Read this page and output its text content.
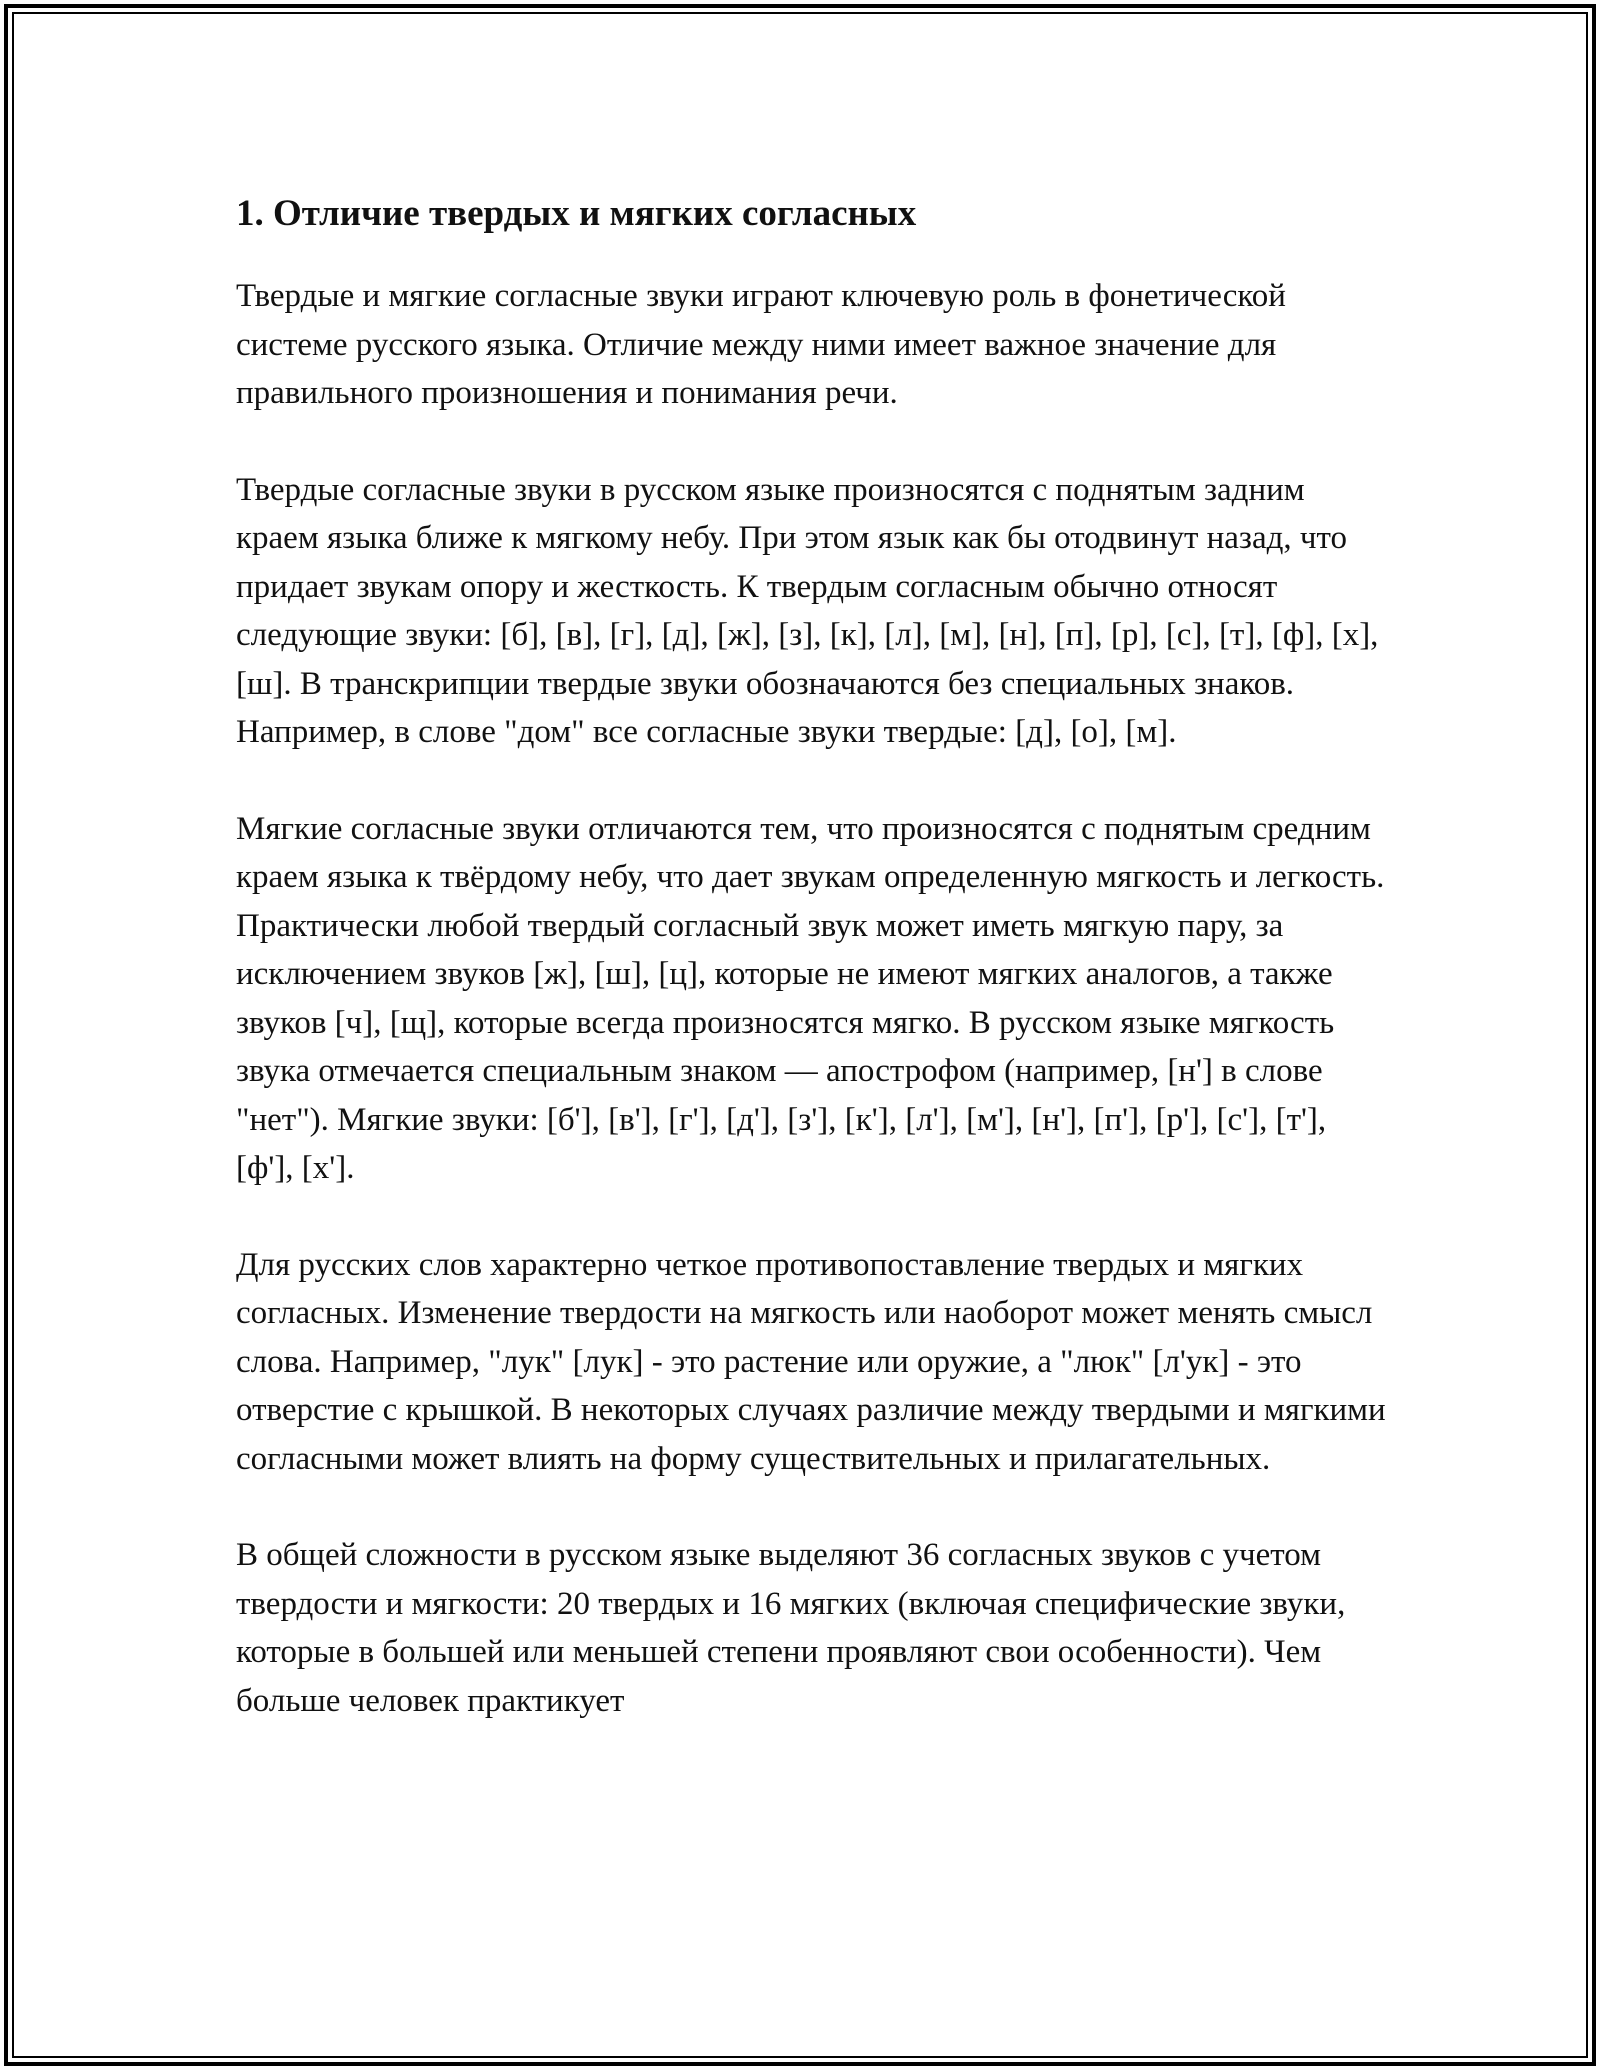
1. Отличие твердых и мягких согласных

Твердые и мягкие согласные звуки играют ключевую роль в фонетической системе русского языка. Отличие между ними имеет важное значение для правильного произношения и понимания речи.

Твердые согласные звуки в русском языке произносятся с поднятым задним краем языка ближе к мягкому небу. При этом язык как бы отодвинут назад, что придает звукам опору и жесткость. К твердым согласным обычно относят следующие звуки: [б], [в], [г], [д], [ж], [з], [к], [л], [м], [н], [п], [р], [с], [т], [ф], [х], [ш]. В транскрипции твердые звуки обозначаются без специальных знаков. Например, в слове "дом" все согласные звуки твердые: [д], [о], [м].

Мягкие согласные звуки отличаются тем, что произносятся с поднятым средним краем языка к твёрдому небу, что дает звукам определенную мягкость и легкость. Практически любой твердый согласный звук может иметь мягкую пару, за исключением звуков [ж], [ш], [ц], которые не имеют мягких аналогов, а также звуков [ч], [щ], которые всегда произносятся мягко. В русском языке мягкость звука отмечается специальным знаком — апострофом (например, [н'] в слове "нет"). Мягкие звуки: [б'], [в'], [г'], [д'], [з'], [к'], [л'], [м'], [н'], [п'], [р'], [с'], [т'], [ф'], [х'].

Для русских слов характерно четкое противопоставление твердых и мягких согласных. Изменение твердости на мягкость или наоборот может менять смысл слова. Например, "лук" [лук] - это растение или оружие, а "люк" [л'ук] - это отверстие с крышкой. В некоторых случаях различие между твердыми и мягкими согласными может влиять на форму существительных и прилагательных.

В общей сложности в русском языке выделяют 36 согласных звуков с учетом твердости и мягкости: 20 твердых и 16 мягких (включая специфические звуки, которые в большей или меньшей степени проявляют свои особенности). Чем больше человек практикует
